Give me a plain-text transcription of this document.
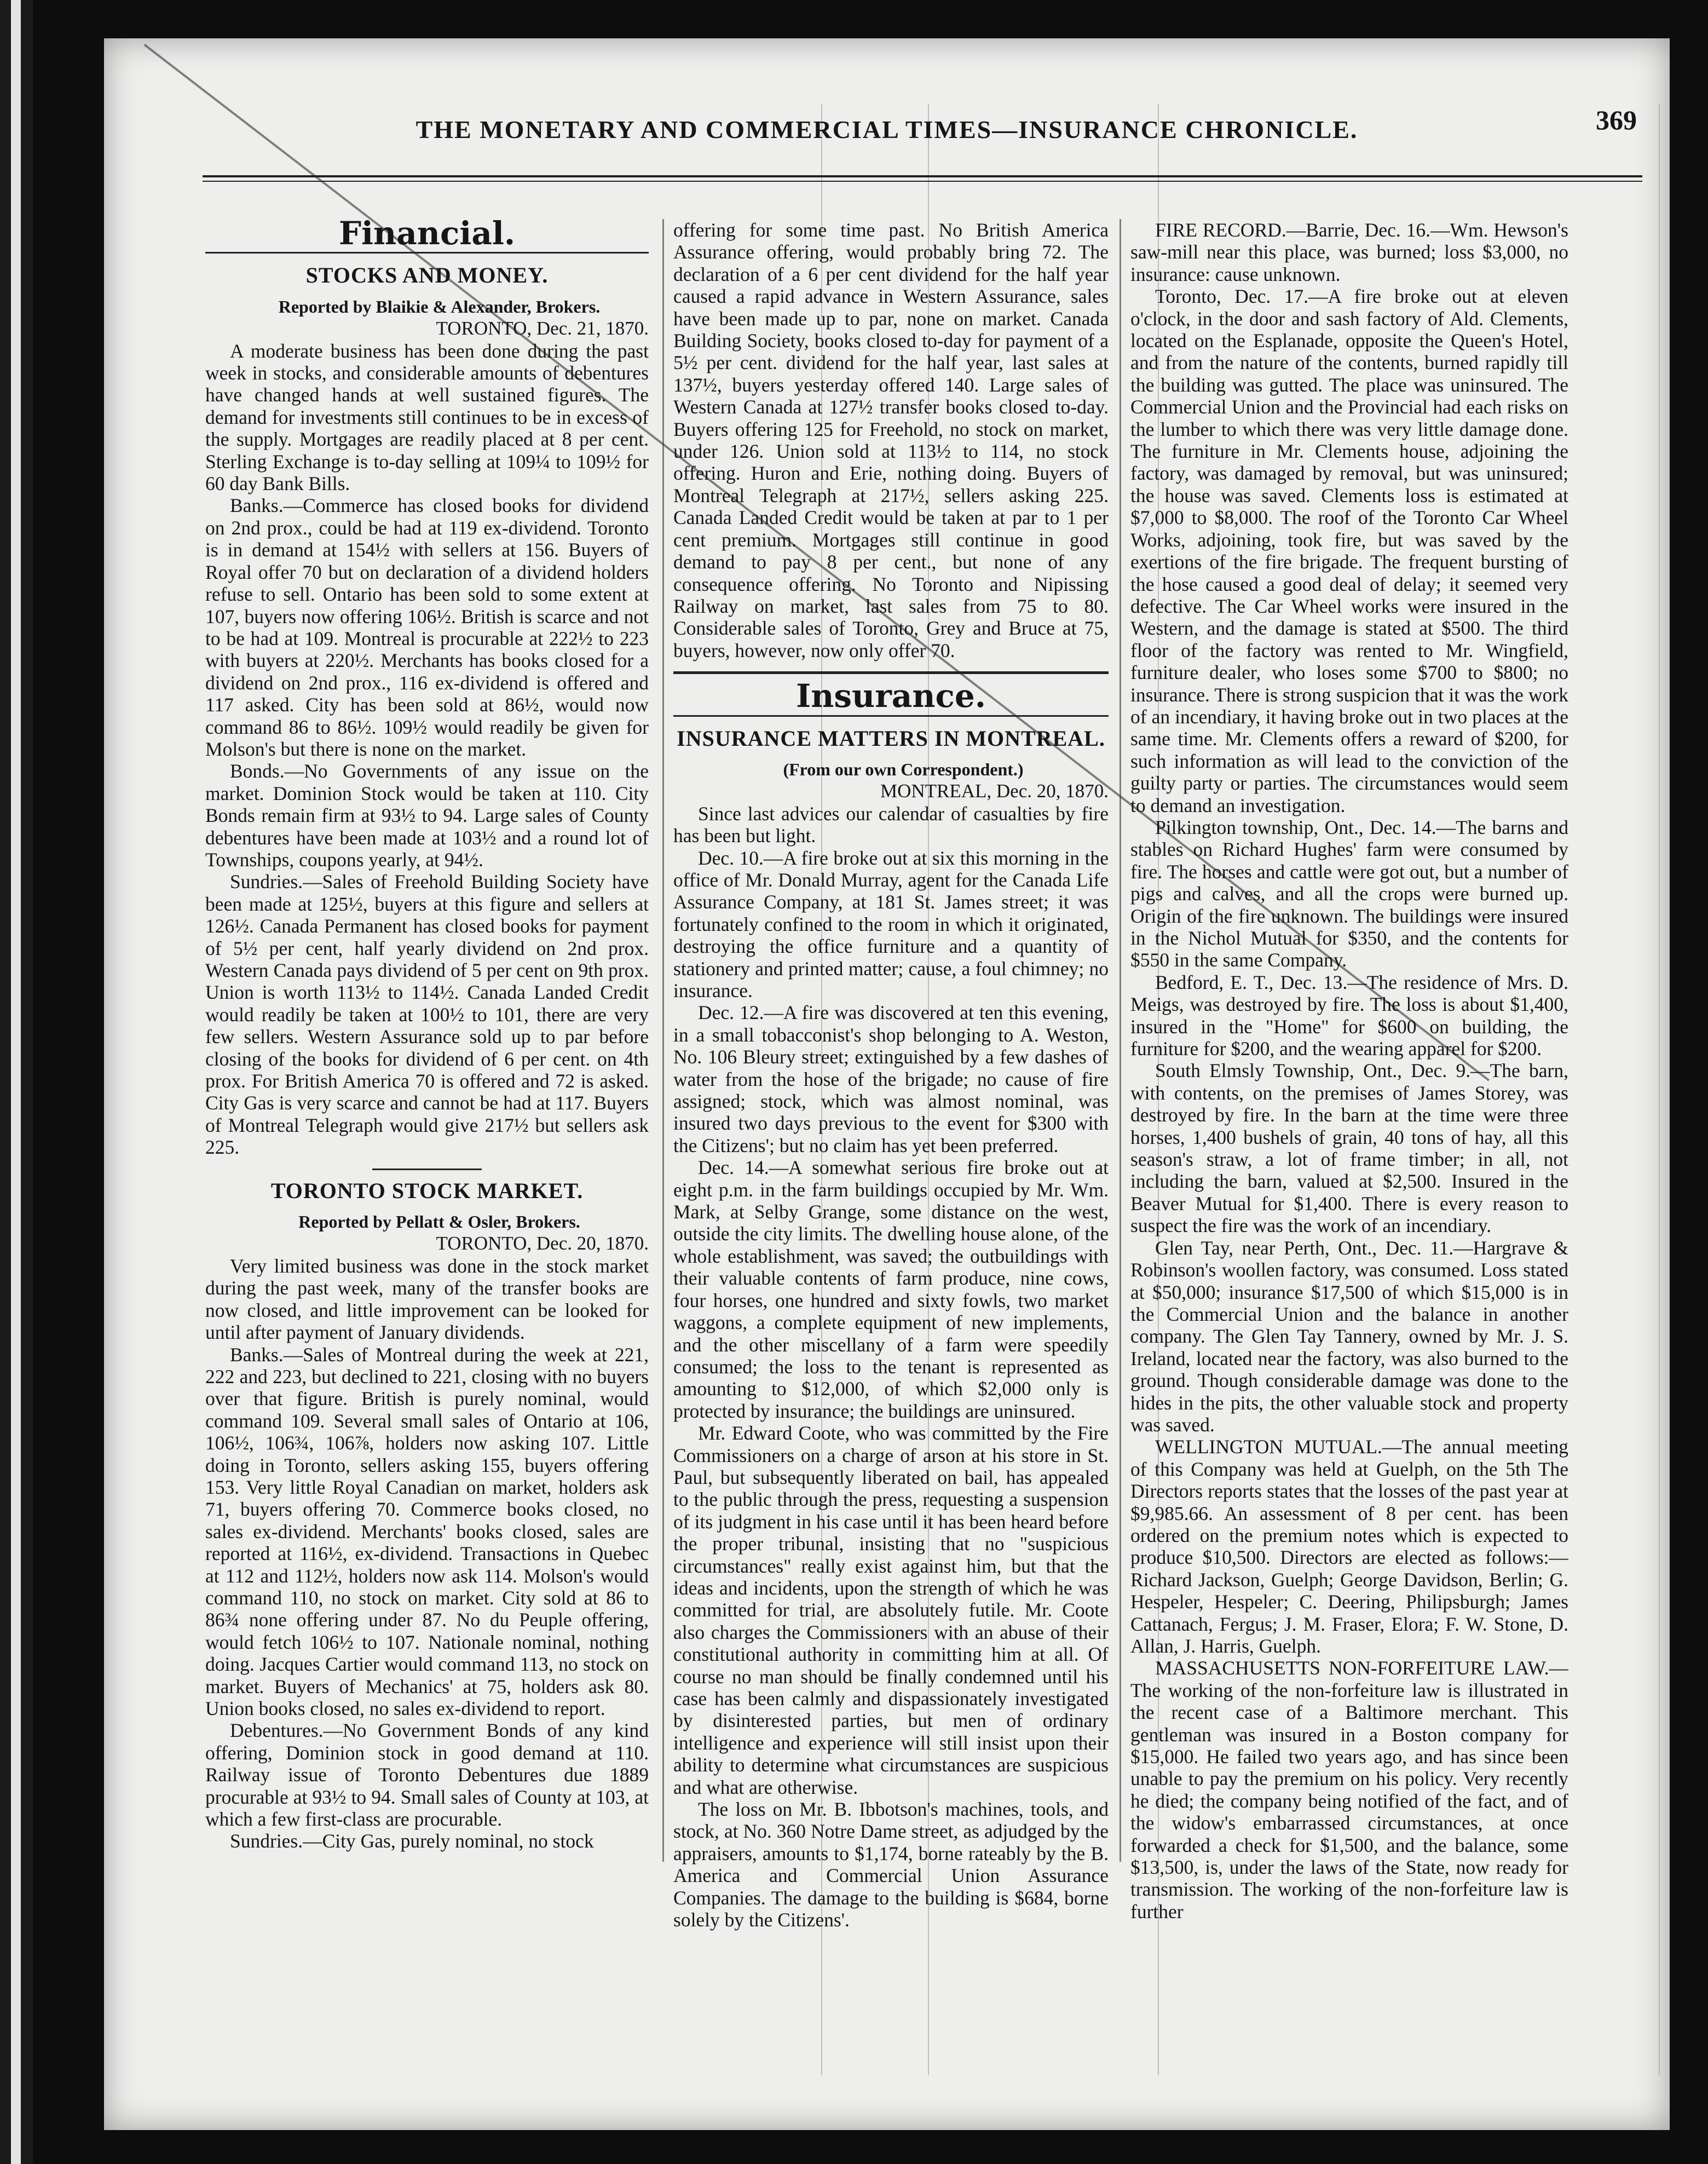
THE MONETARY AND COMMERCIAL TIMES—INSURANCE CHRONICLE.	369
Financial.
STOCKS AND MONEY.

Reported by Blaikie & Alexander, Brokers.

TORONTO, Dec. 21, 1870.

A moderate business has been done during the past week in stocks, and considerable amounts of debentures have changed hands at well sustained figures. The demand for investments still continues to be in excess of the supply. Mortgages are readily placed at 8 per cent. Sterling Exchange is to-day selling at 109¼ to 109½ for 60 day Bank Bills.

Banks.—Commerce has closed books for dividend on 2nd prox., could be had at 119 ex-dividend. Toronto is in demand at 154½ with sellers at 156. Buyers of Royal offer 70 but on declaration of a dividend holders refuse to sell. Ontario has been sold to some extent at 107, buyers now offering 106½. British is scarce and not to be had at 109. Montreal is procurable at 222½ to 223 with buyers at 220½. Merchants has books closed for a dividend on 2nd prox., 116 ex-dividend is offered and 117 asked. City has been sold at 86½, would now command 86 to 86½. 109½ would readily be given for Molson's but there is none on the market.

Bonds.—No Governments of any issue on the market. Dominion Stock would be taken at 110. City Bonds remain firm at 93½ to 94. Large sales of County debentures have been made at 103½ and a round lot of Townships, coupons yearly, at 94½.

Sundries.—Sales of Freehold Building Society have been made at 125½, buyers at this figure and sellers at 126½. Canada Permanent has closed books for payment of 5½ per cent, half yearly dividend on 2nd prox. Western Canada pays dividend of 5 per cent on 9th prox. Union is worth 113½ to 114½. Canada Landed Credit would readily be taken at 100½ to 101, there are very few sellers. Western Assurance sold up to par before closing of the books for dividend of 6 per cent. on 4th prox. For British America 70 is offered and 72 is asked. City Gas is very scarce and cannot be had at 117. Buyers of Montreal Telegraph would give 217½ but sellers ask 225.

TORONTO STOCK MARKET.

Reported by Pellatt & Osler, Brokers.

TORONTO, Dec. 20, 1870.

Very limited business was done in the stock market during the past week, many of the transfer books are now closed, and little improvement can be looked for until after payment of January dividends.

Banks.—Sales of Montreal during the week at 221, 222 and 223, but declined to 221, closing with no buyers over that figure. British is purely nominal, would command 109. Several small sales of Ontario at 106, 106½, 106¾, 106⅞, holders now asking 107. Little doing in Toronto, sellers asking 155, buyers offering 153. Very little Royal Canadian on market, holders ask 71, buyers offering 70. Commerce books closed, no sales ex-dividend. Merchants' books closed, sales are reported at 116½, ex-dividend. Transactions in Quebec at 112 and 112½, holders now ask 114. Molson's would command 110, no stock on market. City sold at 86 to 86¾ none offering under 87. No du Peuple offering, would fetch 106½ to 107. Nationale nominal, nothing doing. Jacques Cartier would command 113, no stock on market. Buyers of Mechanics' at 75, holders ask 80. Union books closed, no sales ex-dividend to report.

Debentures.—No Government Bonds of any kind offering, Dominion stock in good demand at 110. Railway issue of Toronto Debentures due 1889 procurable at 93½ to 94. Small sales of County at 103, at which a few first-class are procurable.

Sundries.—City Gas, purely nominal, no stock

offering for some time past. No British America Assurance offering, would probably bring 72. The declaration of a 6 per cent dividend for the half year caused a rapid advance in Western Assurance, sales have been made up to par, none on market. Canada Building Society, books closed to-day for payment of a 5½ per cent. dividend for the half year, last sales at 137½, buyers yesterday offered 140. Large sales of Western Canada at 127½ transfer books closed to-day. Buyers offering 125 for Freehold, no stock on market, under 126. Union sold at 113½ to 114, no stock offering. Huron and Erie, nothing doing. Buyers of Montreal Telegraph at 217½, sellers asking 225. Canada Landed Credit would be taken at par to 1 per cent premium. Mortgages still continue in good demand to pay 8 per cent., but none of any consequence offering. No Toronto and Nipissing Railway on market, last sales from 75 to 80. Considerable sales of Toronto, Grey and Bruce at 75, buyers, however, now only offer 70.

Insurance.
INSURANCE MATTERS IN MONTREAL.

(From our own Correspondent.)

MONTREAL, Dec. 20, 1870.

Since last advices our calendar of casualties by fire has been but light.

Dec. 10.—A fire broke out at six this morning in the office of Mr. Donald Murray, agent for the Canada Life Assurance Company, at 181 St. James street; it was fortunately confined to the room in which it originated, destroying the office furniture and a quantity of stationery and printed matter; cause, a foul chimney; no insurance.

Dec. 12.—A fire was discovered at ten this evening, in a small tobacconist's shop belonging to A. Weston, No. 106 Bleury street; extinguished by a few dashes of water from the hose of the brigade; no cause of fire assigned; stock, which was almost nominal, was insured two days previous to the event for $300 with the Citizens'; but no claim has yet been preferred.

Dec. 14.—A somewhat serious fire broke out at eight p.m. in the farm buildings occupied by Mr. Wm. Mark, at Selby Grange, some distance on the west, outside the city limits. The dwelling house alone, of the whole establishment, was saved; the outbuildings with their valuable contents of farm produce, nine cows, four horses, one hundred and sixty fowls, two market waggons, a complete equipment of new implements, and the other miscellany of a farm were speedily consumed; the loss to the tenant is represented as amounting to $12,000, of which $2,000 only is protected by insurance; the buildings are uninsured.

Mr. Edward Coote, who was committed by the Fire Commissioners on a charge of arson at his store in St. Paul, but subsequently liberated on bail, has appealed to the public through the press, requesting a suspension of its judgment in his case until it has been heard before the proper tribunal, insisting that no "suspicious circumstances" really exist against him, but that the ideas and incidents, upon the strength of which he was committed for trial, are absolutely futile. Mr. Coote also charges the Commissioners with an abuse of their constitutional authority in committing him at all. Of course no man should be finally condemned until his case has been calmly and dispassionately investigated by disinterested parties, but men of ordinary intelligence and experience will still insist upon their ability to determine what circumstances are suspicious and what are otherwise.

The loss on Mr. B. Ibbotson's machines, tools, and stock, at No. 360 Notre Dame street, as adjudged by the appraisers, amounts to $1,174, borne rateably by the B. America and Commercial Union Assurance Companies. The damage to the building is $684, borne solely by the Citizens'.

FIRE RECORD.—Barrie, Dec. 16.—Wm. Hewson's saw-mill near this place, was burned; loss $3,000, no insurance: cause unknown.

Toronto, Dec. 17.—A fire broke out at eleven o'clock, in the door and sash factory of Ald. Clements, located on the Esplanade, opposite the Queen's Hotel, and from the nature of the contents, burned rapidly till the building was gutted. The place was uninsured. The Commercial Union and the Provincial had each risks on the lumber to which there was very little damage done. The furniture in Mr. Clements house, adjoining the factory, was damaged by removal, but was uninsured; the house was saved. Clements loss is estimated at $7,000 to $8,000. The roof of the Toronto Car Wheel Works, adjoining, took fire, but was saved by the exertions of the fire brigade. The frequent bursting of the hose caused a good deal of delay; it seemed very defective. The Car Wheel works were insured in the Western, and the damage is stated at $500. The third floor of the factory was rented to Mr. Wingfield, furniture dealer, who loses some $700 to $800; no insurance. There is strong suspicion that it was the work of an incendiary, it having broke out in two places at the same time. Mr. Clements offers a reward of $200, for such information as will lead to the conviction of the guilty party or parties. The circumstances would seem to demand an investigation.

Pilkington township, Ont., Dec. 14.—The barns and stables on Richard Hughes' farm were consumed by fire. The horses and cattle were got out, but a number of pigs and calves, and all the crops were burned up. Origin of the fire unknown. The buildings were insured in the Nichol Mutual for $350, and the contents for $550 in the same Company.

Bedford, E. T., Dec. 13.—The residence of Mrs. D. Meigs, was destroyed by fire. The loss is about $1,400, insured in the "Home" for $600 on building, the furniture for $200, and the wearing apparel for $200.

South Elmsly Township, Ont., Dec. 9.—The barn, with contents, on the premises of James Storey, was destroyed by fire. In the barn at the time were three horses, 1,400 bushels of grain, 40 tons of hay, all this season's straw, a lot of frame timber; in all, not including the barn, valued at $2,500. Insured in the Beaver Mutual for $1,400. There is every reason to suspect the fire was the work of an incendiary.

Glen Tay, near Perth, Ont., Dec. 11.—Hargrave & Robinson's woollen factory, was consumed. Loss stated at $50,000; insurance $17,500 of which $15,000 is in the Commercial Union and the balance in another company. The Glen Tay Tannery, owned by Mr. J. S. Ireland, located near the factory, was also burned to the ground. Though considerable damage was done to the hides in the pits, the other valuable stock and property was saved.

WELLINGTON MUTUAL.—The annual meeting of this Company was held at Guelph, on the 5th The Directors reports states that the losses of the past year at $9,985.66. An assessment of 8 per cent. has been ordered on the premium notes which is expected to produce $10,500. Directors are elected as follows:—Richard Jackson, Guelph; George Davidson, Berlin; G. Hespeler, Hespeler; C. Deering, Philipsburgh; James Cattanach, Fergus; J. M. Fraser, Elora; F. W. Stone, D. Allan, J. Harris, Guelph.

MASSACHUSETTS NON-FORFEITURE LAW.—The working of the non-forfeiture law is illustrated in the recent case of a Baltimore merchant. This gentleman was insured in a Boston company for $15,000. He failed two years ago, and has since been unable to pay the premium on his policy. Very recently he died; the company being notified of the fact, and of the widow's embarrassed circumstances, at once forwarded a check for $1,500, and the balance, some $13,500, is, under the laws of the State, now ready for transmission. The working of the non-forfeiture law is further
